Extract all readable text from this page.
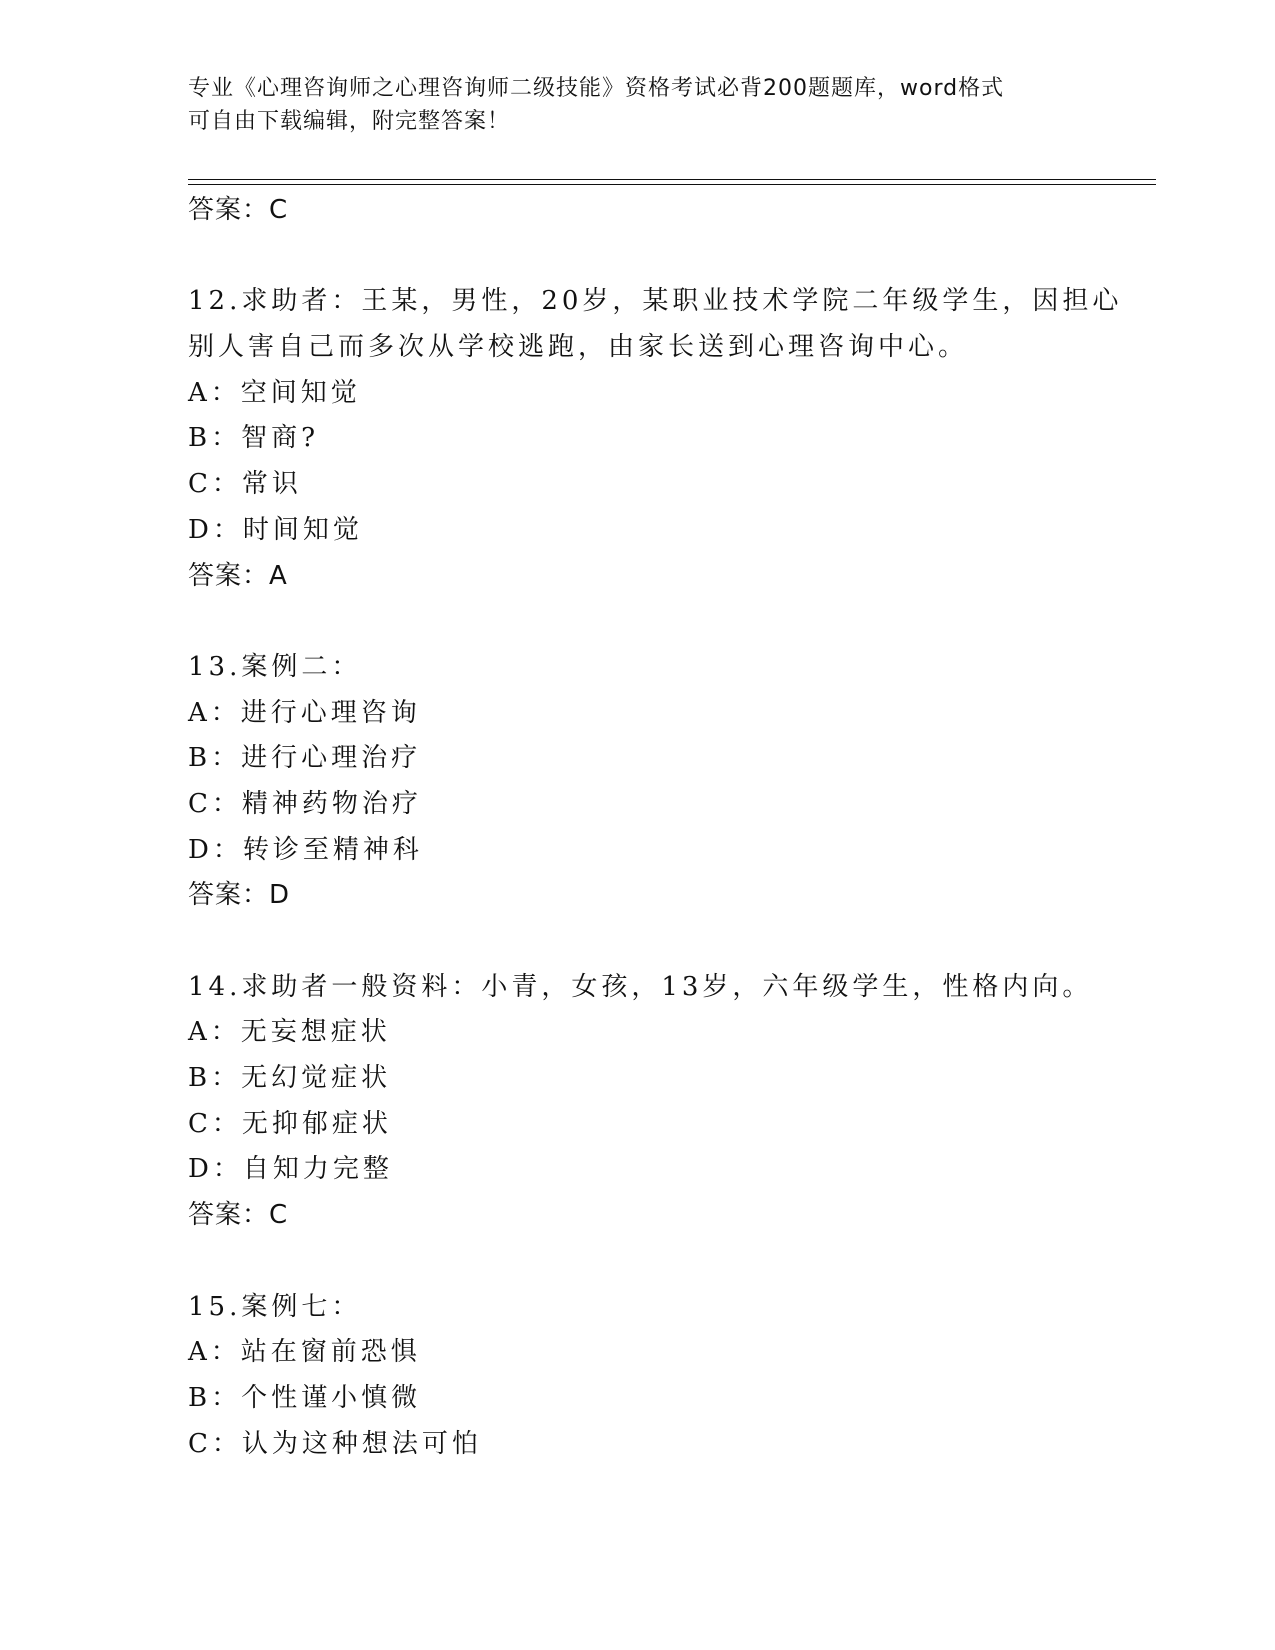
专业《心理咨询师之心理咨询师二级技能》资格考试必背200题题库，word格式
可自由下载编辑，附完整答案！
答案：C
12.求助者：王某，男性，20岁，某职业技术学院二年级学生，因担心
别人害自己而多次从学校逃跑，由家长送到心理咨询中心。
A：空间知觉
B：智商?
C：常识
D：时间知觉
答案：A
13.案例二：
A：进行心理咨询
B：进行心理治疗
C：精神药物治疗
D：转诊至精神科
答案：D
14.求助者一般资料：小青，女孩，13岁，六年级学生，性格内向。
A：无妄想症状
B：无幻觉症状
C：无抑郁症状
D：自知力完整
答案：C
15.案例七：
A：站在窗前恐惧
B：个性谨小慎微
C：认为这种想法可怕
